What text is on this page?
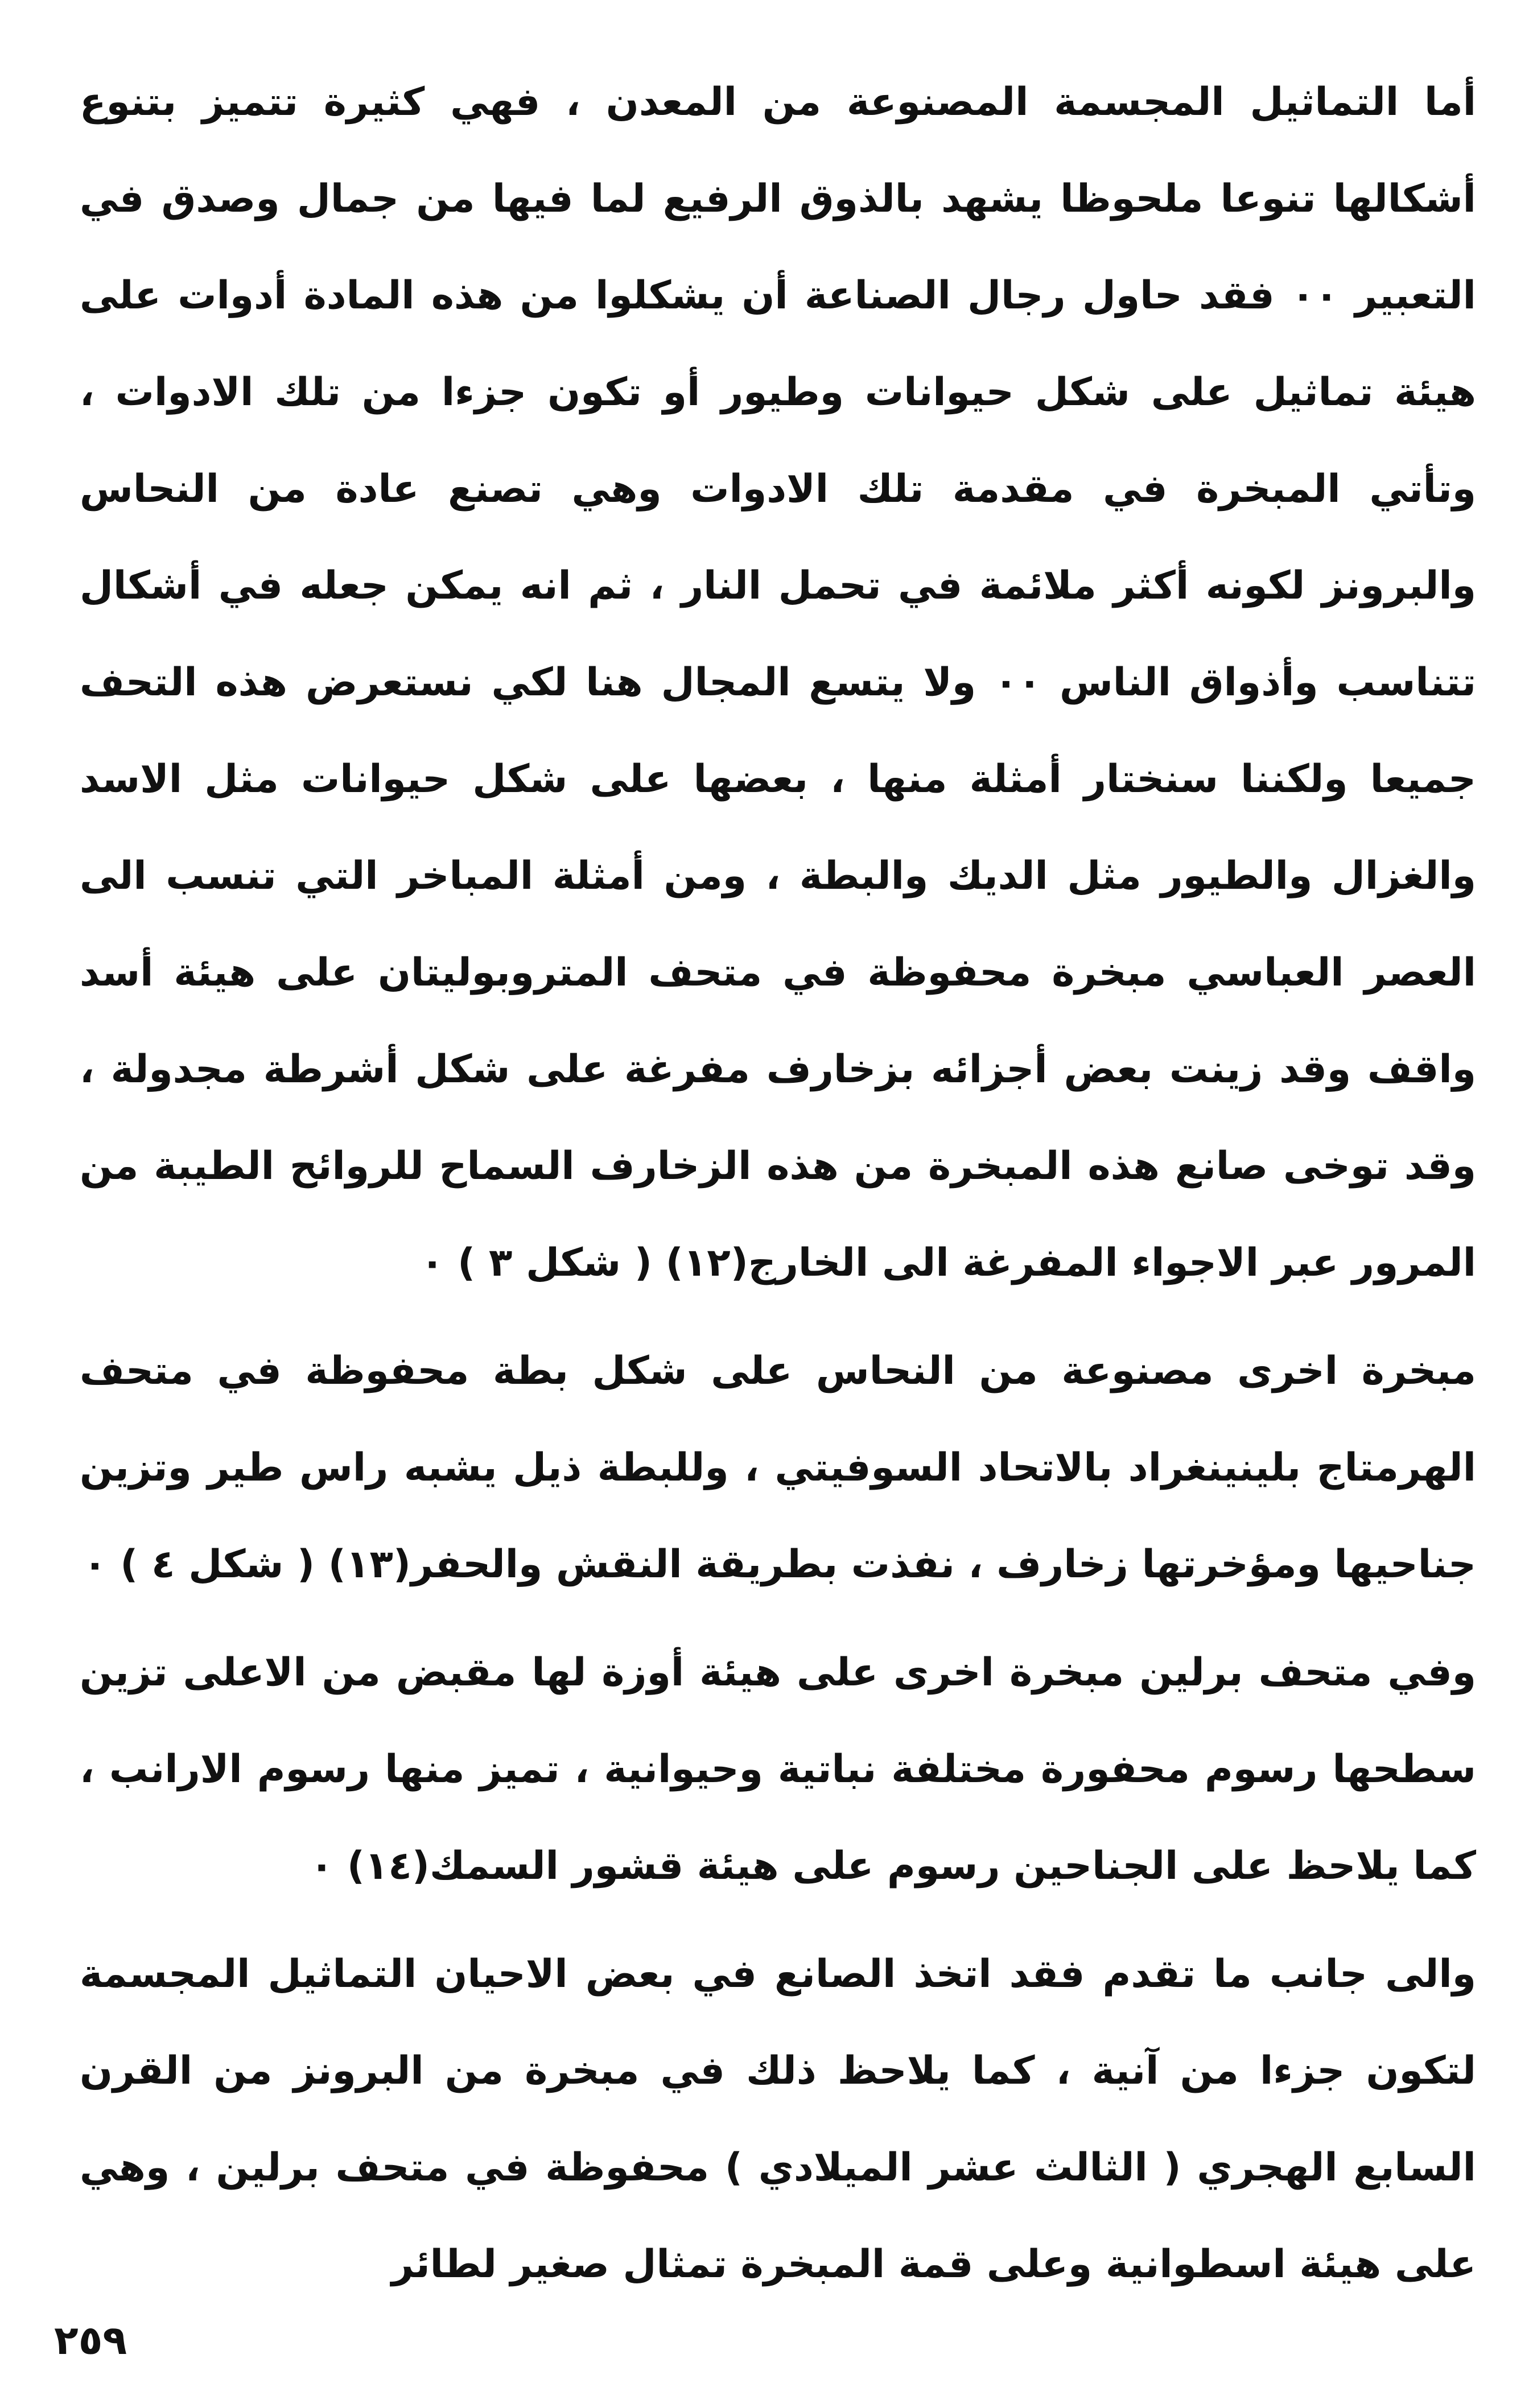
أما التماثيل المجسمة المصنوعة من المعدن ، فهي كثيرة تتميز بتنوع أشكالها تنوعا ملحوظا يشهد بالذوق الرفيع لما فيها من جمال وصدق في التعبير ٠٠ فقد حاول رجال الصناعة أن يشكلوا من هذه المادة أدوات على هيئة تماثيل على شكل حيوانات وطيور أو تكون جزءا من تلك الادوات ، وتأتي المبخرة في مقدمة تلك الادوات وهي تصنع عادة من النحاس والبرونز لكونه أكثر ملائمة في تحمل النار ، ثم انه يمكن جعله في أشكال تتناسب وأذواق الناس ٠٠ ولا يتسع المجال هنا لكي نستعرض هذه التحف جميعا ولكننا سنختار أمثلة منها ، بعضها على شكل حيوانات مثل الاسد والغزال والطيور مثل الديك والبطة ، ومن أمثلة المباخر التي تنسب الى العصر العباسي مبخرة محفوظة في متحف المتروبوليتان على هيئة أسد واقف وقد زينت بعض أجزائه بزخارف مفرغة على شكل أشرطة مجدولة ، وقد توخى صانع هذه المبخرة من هذه الزخارف السماح للروائح الطيبة من المرور عبر الاجواء المفرغة الى الخارج(١٢) ( شكل ٣ ) ٠

مبخرة اخرى مصنوعة من النحاس على شكل بطة محفوظة في متحف الهرمتاج بلينينغراد بالاتحاد السوفيتي ، وللبطة ذيل يشبه راس طير وتزين جناحيها ومؤخرتها زخارف ، نفذت بطريقة النقش والحفر(١٣) ( شكل ٤ ) ٠

وفي متحف برلين مبخرة اخرى على هيئة أوزة لها مقبض من الاعلى تزين سطحها رسوم محفورة مختلفة نباتية وحيوانية ، تميز منها رسوم الارانب ، كما يلاحظ على الجناحين رسوم على هيئة قشور السمك(١٤) ٠

والى جانب ما تقدم فقد اتخذ الصانع في بعض الاحيان التماثيل المجسمة لتكون جزءا من آنية ، كما يلاحظ ذلك في مبخرة من البرونز من القرن السابع الهجري ( الثالث عشر الميلادي ) محفوظة في متحف برلين ، وهي على هيئة اسطوانية وعلى قمة المبخرة تمثال صغير لطائر

٢٥٩
